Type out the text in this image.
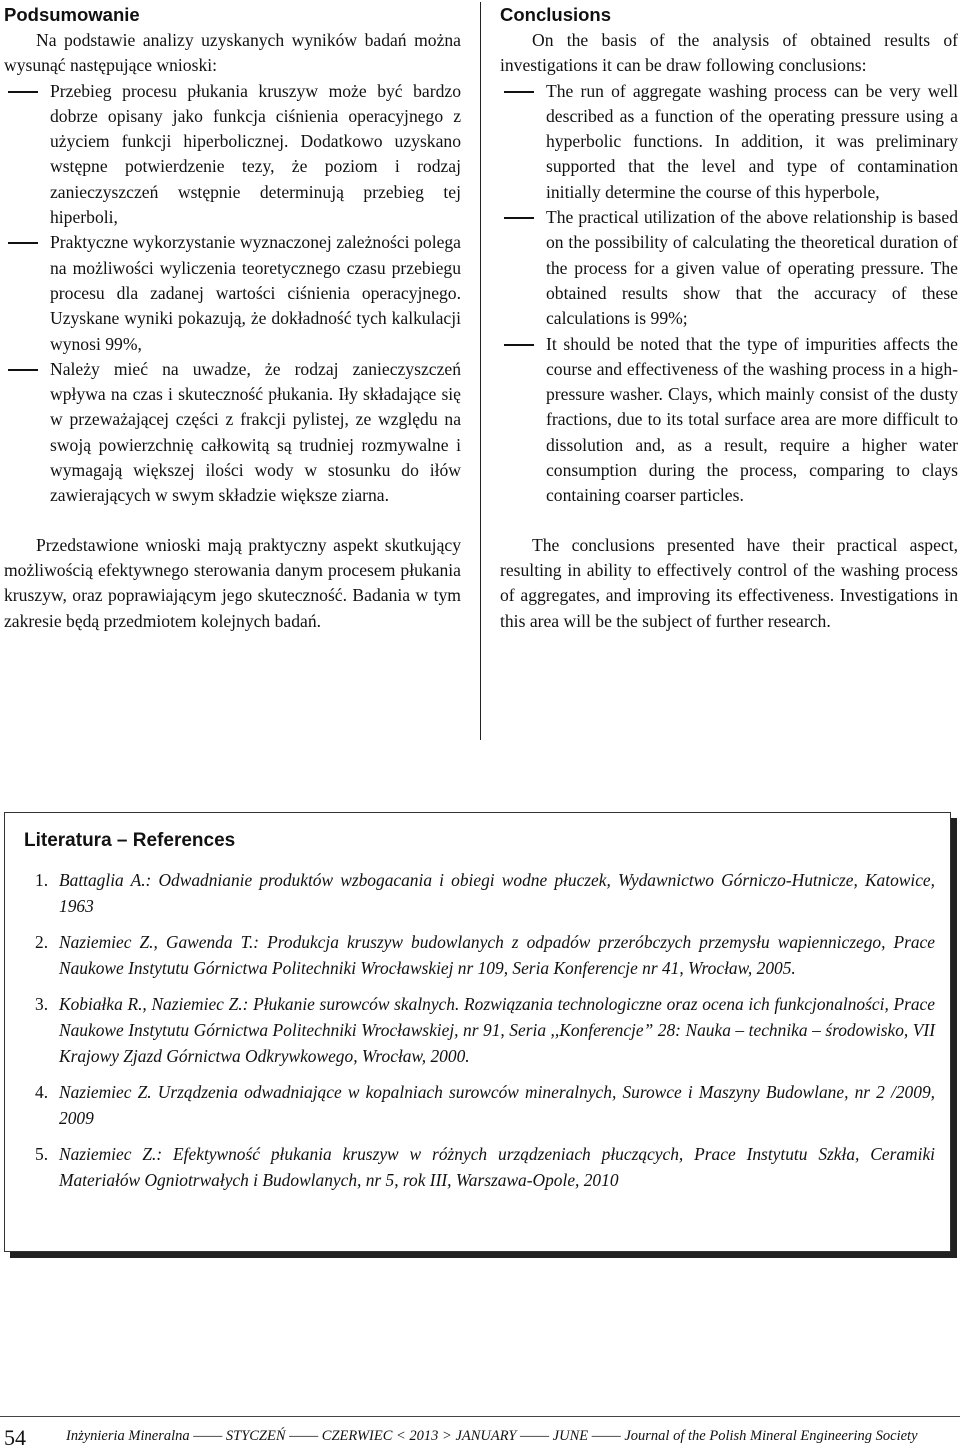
Podsumowanie

Na podstawie analizy uzyskanych wyników badań można wysunąć następujące wnioski:

Przebieg procesu płukania kruszyw może być bardzo dobrze opisany jako funkcja ciśnienia operacyjnego z użyciem funkcji hiperbolicznej. Dodatkowo uzyskano wstępne potwierdzenie tezy, że poziom i rodzaj zanieczyszczeń wstępnie determinują przebieg tej hiperboli,
Praktyczne wykorzystanie wyznaczonej zależności polega na możliwości wyliczenia teoretycznego czasu przebiegu procesu dla zadanej wartości ciśnienia operacyjnego. Uzyskane wyniki pokazują, że dokładność tych kalkulacji wynosi 99%,
Należy mieć na uwadze, że rodzaj zanieczyszczeń wpływa na czas i skuteczność płukania. Iły składające się w przeważającej części z frakcji pylistej, ze względu na swoją powierzchnię całkowitą są trudniej rozmywalne i wymagają większej ilości wody w stosunku do iłów zawierających w swym składzie większe ziarna.

Przedstawione wnioski mają praktyczny aspekt skutkujący możliwością efektywnego sterowania danym procesem płukania kruszyw, oraz poprawiającym jego skuteczność. Badania w tym zakresie będą przedmiotem kolejnych badań.

Conclusions

On the basis of the analysis of obtained results of investigations it can be draw following conclusions:

The run of aggregate washing process can be very well described as a function of the operating pressure using a hyperbolic functions. In addition, it was preliminary supported that the level and type of contamination initially determine the course of this hyperbole,
The practical utilization of the above relationship is based on the possibility of calculating the theoretical duration of the process for a given value of operating pressure. The obtained results show that the accuracy of these calculations is 99%;
It should be noted that the type of impurities affects the course and effectiveness of the washing process in a high-pressure washer. Clays, which mainly consist of the dusty fractions, due to its total surface area are more difficult to dissolution and, as a result, require a higher water consumption during the process, comparing to clays containing coarser particles.

The conclusions presented have their practical aspect, resulting in ability to effectively control of the washing process of aggregates, and improving its effectiveness. Investigations in this area will be the subject of further research.

Literatura – References
1. Battaglia A.: Odwadnianie produktów wzbogacania i obiegi wodne płuczek, Wydawnictwo Górniczo-Hutnicze, Katowice, 1963
2. Naziemiec Z., Gawenda T.: Produkcja kruszyw budowlanych z odpadów przeróbczych przemysłu wapienniczego, Prace Naukowe Instytutu Górnictwa Politechniki Wrocławskiej nr 109, Seria Konferencje nr 41, Wrocław, 2005.
3. Kobiałka R., Naziemiec Z.: Płukanie surowców skalnych. Rozwiązania technologiczne oraz ocena ich funkcjonalności, Prace Naukowe Instytutu Górnictwa Politechniki Wrocławskiej, nr 91, Seria ,,Konferencje” 28: Nauka – technika – środowisko, VII Krajowy Zjazd Górnictwa Odkrywkowego, Wrocław, 2000.
4. Naziemiec Z. Urządzenia odwadniające w kopalniach surowców mineralnych, Surowce i Maszyny Budowlane, nr 2 /2009, 2009
5. Naziemiec Z.: Efektywność płukania kruszyw w różnych urządzeniach płuczących, Prace Instytutu Szkła, Ceramiki Materiałów Ogniotrwałych i Budowlanych, nr 5, rok III, Warszawa-Opole, 2010
54	Inżynieria Mineralna ―― STYCZEŃ ―― CZERWIEC < 2013 > JANUARY ―― JUNE ―― Journal of the Polish Mineral Engineering Society
